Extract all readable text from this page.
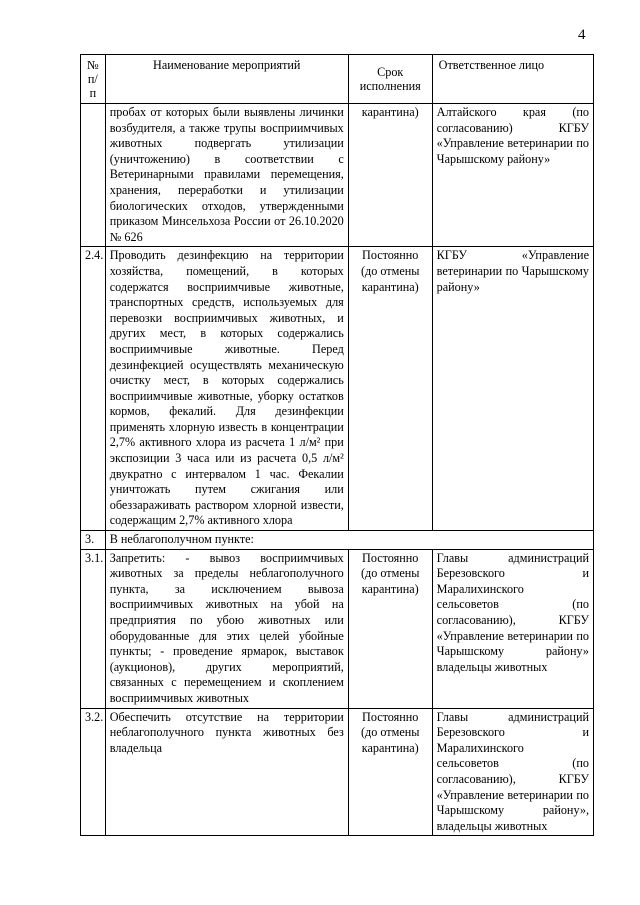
4
№ п/п	Наименование мероприятий	Срок исполнения	Ответственное лицо
	пробах от которых были выявлены личинки возбудителя, а также трупы восприимчивых животных подвергать утилизации (уничтожению) в соответствии с Ветеринарными правилами перемещения, хранения, переработки и утилизации биологических отходов, утвержденными приказом Минсельхоза России от 26.10.2020 № 626	карантина)	Алтайского края (по согласованию) КГБУ «Управление ветеринарии по Чарышскому району»
2.4.	Проводить дезинфекцию на территории хозяйства, помещений, в которых содержатся восприимчивые животные, транспортных средств, используемых для перевозки восприимчивых животных, и других мест, в которых содержались восприимчивые животные. Перед дезинфекцией осуществлять механическую очистку мест, в которых содержались восприимчивые животные, уборку остатков кормов, фекалий. Для дезинфекции применять хлорную известь в концентрации 2,7% активного хлора из расчета 1 л/м² при экспозиции 3 часа или из расчета 0,5 л/м² двукратно с интервалом 1 час. Фекалии уничтожать путем сжигания или обеззараживать раствором хлорной извести, содержащим 2,7% активного хлора	Постоянно (до отмены карантина)	КГБУ «Управление ветеринарии по Чарышскому району»
3.	В неблагополучном пункте:		
3.1.	Запретить: - вывоз восприимчивых животных за пределы неблагополучного пункта, за исключением вывоза восприимчивых животных на убой на предприятия по убою животных или оборудованные для этих целей убойные пункты; - проведение ярмарок, выставок (аукционов), других мероприятий, связанных с перемещением и скоплением восприимчивых животных	Постоянно (до отмены карантина)	Главы администраций Березовского и Маралихинского сельсоветов (по согласованию), КГБУ «Управление ветеринарии по Чарышскому району» владельцы животных
3.2.	Обеспечить отсутствие на территории неблагополучного пункта животных без владельца	Постоянно (до отмены карантина)	Главы администраций Березовского и Маралихинского сельсоветов (по согласованию), КГБУ «Управление ветеринарии по Чарышскому району», владельцы животных
